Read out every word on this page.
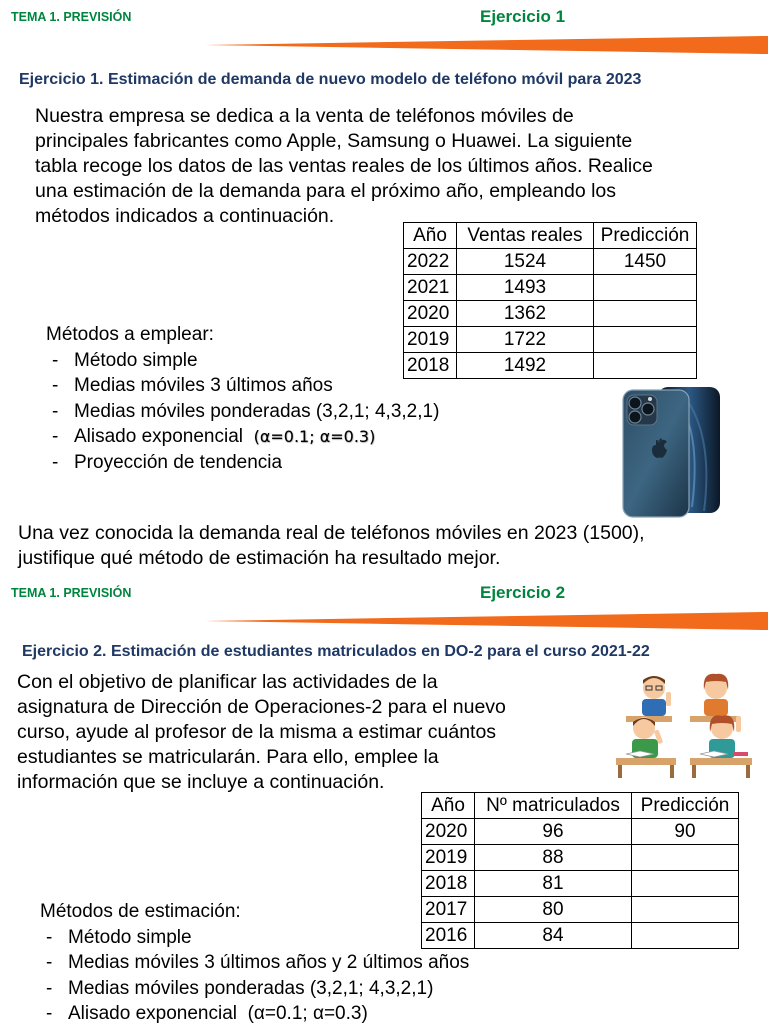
TEMA 1. PREVISIÓN	Ejercicio 1
Ejercicio 1. Estimación de demanda de nuevo modelo de teléfono móvil para 2023
Nuestra empresa se dedica a la venta de teléfonos móviles de
principales fabricantes como Apple, Samsung o Huawei. La siguiente
tabla recoge los datos de las ventas reales de los últimos años. Realice
una estimación de la demanda para el próximo año, empleando los
métodos indicados a continuación.
Año	Ventas reales	Predicción
2022	1524	1450
2021	1493	
2020	1362	
2019	1722	
2018	1492	
Métodos a emplear:
- Método simple
- Medias móviles 3 últimos años
- Medias móviles ponderadas (3,2,1; 4,3,2,1)
- Alisado exponencial
(α=0.1; α=0.3)
- Proyección de tendencia
Una vez conocida la demanda real de teléfonos móviles en 2023 (1500),
justifique qué método de estimación ha resultado mejor.
TEMA 1. PREVISIÓN	Ejercicio 2
Ejercicio 2. Estimación de estudiantes matriculados en DO-2 para el curso 2021-22
Con el objetivo de planificar las actividades de la
asignatura de Dirección de Operaciones-2 para el nuevo
curso, ayude al profesor de la misma a estimar cuántos
estudiantes se matricularán. Para ello, emplee la
información que se incluye a continuación.
Año	Nº matriculados	Predicción
2020	96	90
2019	88	
2018	81	
2017	80	
2016	84	
Métodos de estimación:
- Método simple
- Medias móviles 3 últimos años y 2 últimos años
- Medias móviles ponderadas (3,2,1; 4,3,2,1)
- Alisado exponencial
(α=0.1; α=0.3)
